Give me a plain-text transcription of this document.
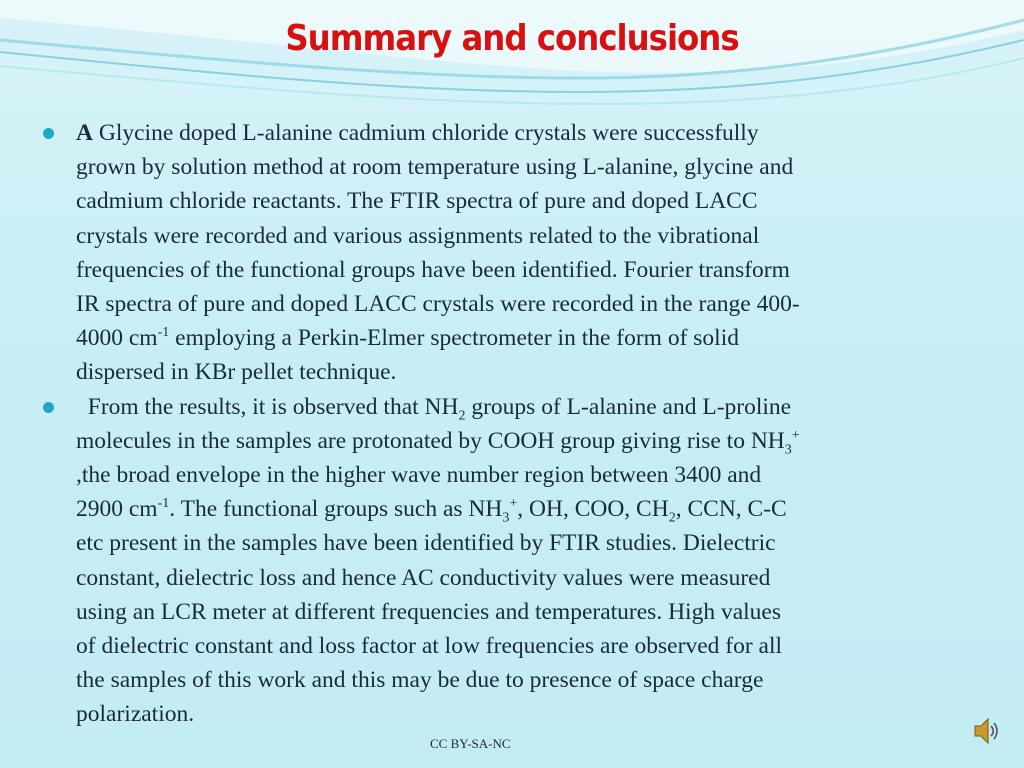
Summary and conclusions
A Glycine doped L-alanine cadmium chloride crystals were successfully
grown by solution method at room temperature using L-alanine, glycine and
cadmium chloride reactants. The FTIR spectra of pure and doped LACC
crystals were recorded and various assignments related to the vibrational
frequencies of the functional groups have been identified. Fourier transform
IR spectra of pure and doped LACC crystals were recorded in the range 400-
4000 $cm^{-1}$ employing a Perkin-Elmer spectrometer in the form of solid
dispersed in KBr pellet technique.
From the results, it is observed that $NH_2$ groups of L-alanine and L-proline
molecules in the samples are protonated by COOH group giving rise to $NH_3^+$
,the broad envelope in the higher wave number region between 3400 and
2900 $cm^{-1}$. The functional groups such as $NH_3^+$, OH, COO, $CH_2$, CCN, C-C
etc present in the samples have been identified by FTIR studies. Dielectric
constant, dielectric loss and hence AC conductivity values were measured
using an LCR meter at different frequencies and temperatures. High values
of dielectric constant and loss factor at low frequencies are observed for all
the samples of this work and this may be due to presence of space charge
polarization.
CC BY-SA-NC
